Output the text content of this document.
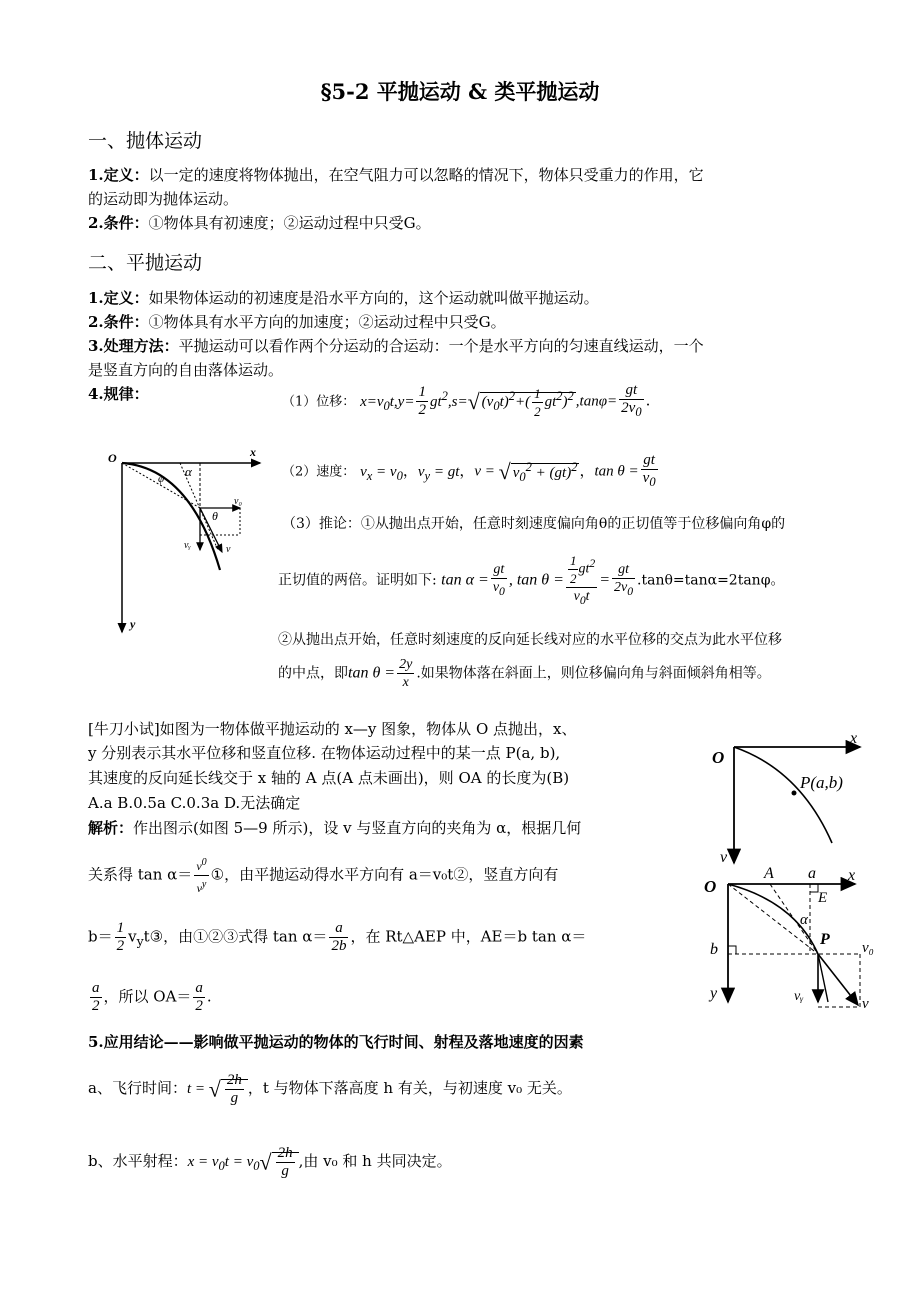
§5-2 平抛运动 & 类平抛运动
一、抛体运动
1.定义：以一定的速度将物体抛出，在空气阻力可以忽略的情况下，物体只受重力的作用，它
的运动即为抛体运动。
2.条件：①物体具有初速度；②运动过程中只受G。
二、平抛运动
1.定义：如果物体运动的初速度是沿水平方向的，这个运动就叫做平抛运动。
2.条件：①物体具有水平方向的加速度；②运动过程中只受G。
3.处理方法：平抛运动可以看作两个分运动的合运动：一个是水平方向的匀速直线运动，一个
是竖直方向的自由落体运动。
4.规律：	（1）位移： $x=v_0t,y= \frac{1}{2} gt^2,s=√$ $(v_0t)^2+( \frac{1}{2} gt^2)^2$ $,\tan\varphi= \frac{gt}{2v_0}$ .
（2）速度： $v_x = v_0$，$v_y$ = gt，v = √ $v_0^2 + (gt)^2$ ，$\tan \theta = \frac{gt}{v_0}$
（3）推论：①从抛出点开始，任意时刻速度偏向角θ的正切值等于位移偏向角φ的
正切值的两倍。证明如下: $\tan \alpha = \frac{gt}{v_0}$ , $\tan \theta = \frac{\frac{1}{2} gt^2}{v_0t} = \frac{gt}{2v_0} .\tan\theta=\tan\alpha=2\tan\varphi$。
②从抛出点开始，任意时刻速度的反向延长线对应的水平位移的交点为此水平位移
的中点，即$\tan \theta = \frac{2y}{x}$ .如果物体落在斜面上，则位移偏向角与斜面倾斜角相等。
O	x
y
α
φ
θ
v₀
vᵧ	v
[牛刀小试]如图为一物体做平抛运动的 x—y 图象，物体从 O 点抛出，x、
y 分别表示其水平位移和竖直位移. 在物体运动过程中的某一点 P(a, b),
其速度的反向延长线交于 x 轴的 A 点(A 点未画出)，则 OA 的长度为(B)
A.a B.0.5a C.0.3a D.无法确定
解析：作出图示(如图 5—9 所示)，设 v 与竖直方向的夹角为 α，根据几何
关系得 $\tan \alpha= \frac{v^0}{v^y}$ ①，由平抛运动得水平方向有 a＝v₀t②，竖直方向有
$b= \frac{1}{2}$ $v_yt③$，由①②③式得 $\tan \alpha= \frac{a}{2b}$ ，在 Rt△AEP 中，AE＝b tan α＝
$\frac{a}{2}$ ，所以 $OA= \frac{a}{2}$ .
O
x
v
P(a,b)
O
A a
E
x
α
b
P v₀
y	vᵧ	v
5.应用结论——影响做平抛运动的物体的飞行时间、射程及落地速度的因素
a、飞行时间：t = √ $\frac{2h}{g}$ ，t 与物体下落高度 h 有关，与初速度 v₀ 无关。
b、水平射程：$x = v_0t = v_0√ \frac{2h}{g}$ ,由 v₀ 和 h 共同决定。
